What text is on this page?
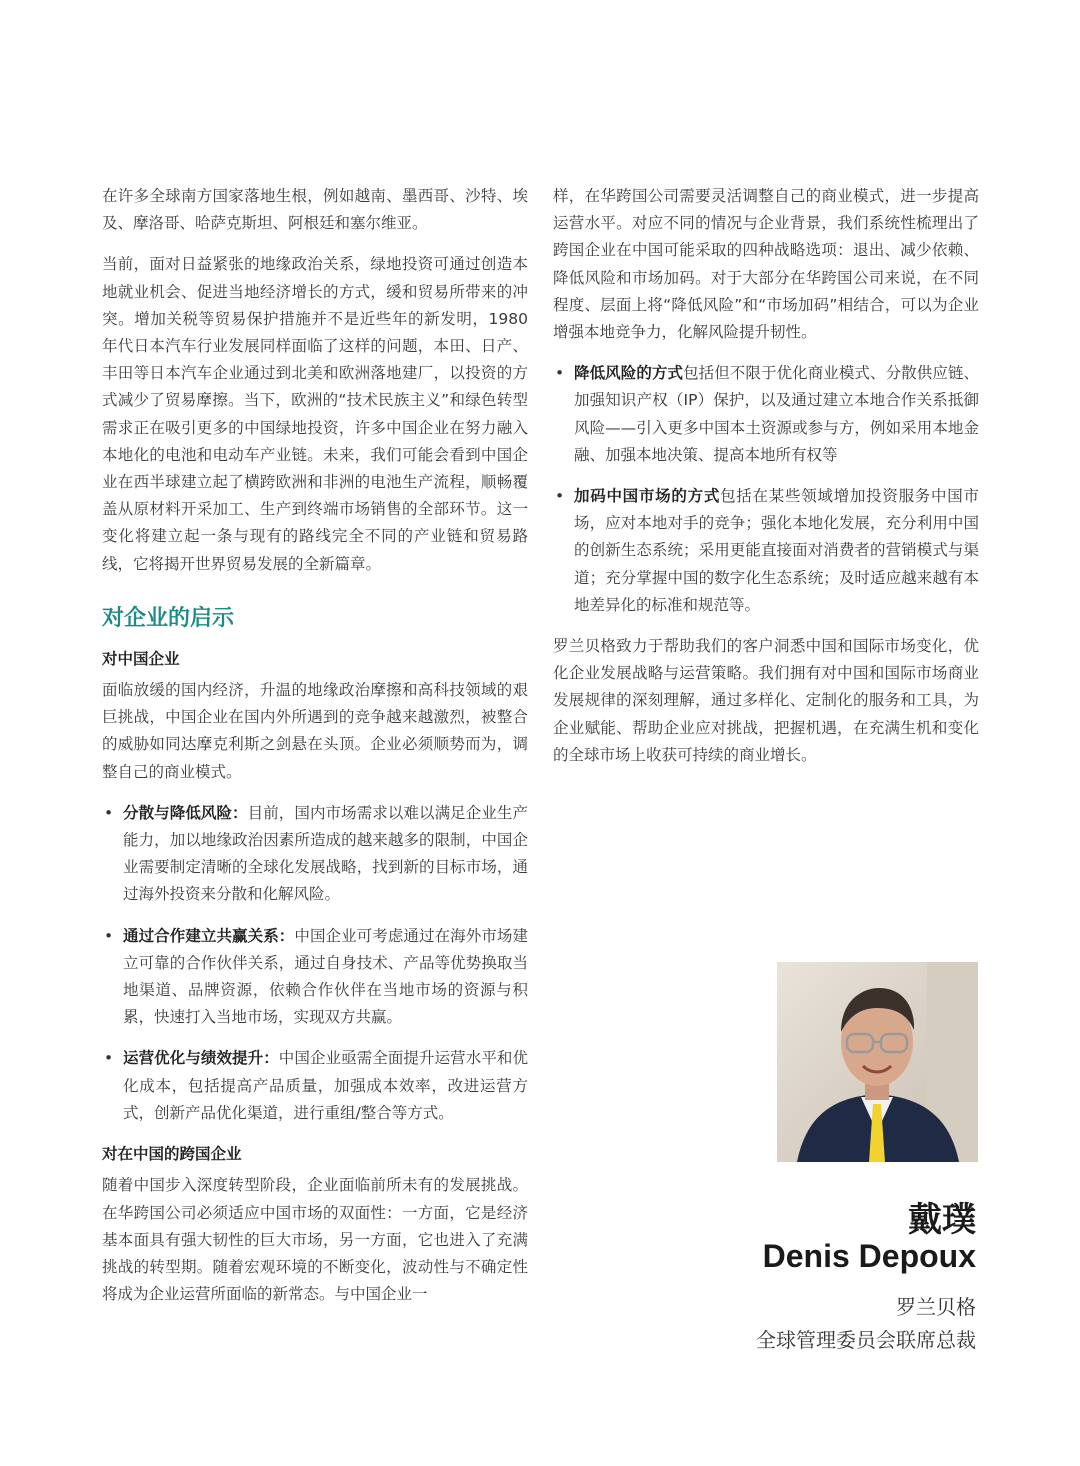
在许多全球南方国家落地生根，例如越南、墨西哥、沙特、埃及、摩洛哥、哈萨克斯坦、阿根廷和塞尔维亚。

当前，面对日益紧张的地缘政治关系，绿地投资可通过创造本地就业机会、促进当地经济增长的方式，缓和贸易所带来的冲突。增加关税等贸易保护措施并不是近些年的新发明，1980年代日本汽车行业发展同样面临了这样的问题，本田、日产、丰田等日本汽车企业通过到北美和欧洲落地建厂，以投资的方式减少了贸易摩擦。当下，欧洲的“技术民族主义”和绿色转型需求正在吸引更多的中国绿地投资，许多中国企业在努力融入本地化的电池和电动车产业链。未来，我们可能会看到中国企业在西半球建立起了横跨欧洲和非洲的电池生产流程，顺畅覆盖从原材料开采加工、生产到终端市场销售的全部环节。这一变化将建立起一条与现有的路线完全不同的产业链和贸易路线，它将揭开世界贸易发展的全新篇章。

对企业的启示
对中国企业

面临放缓的国内经济，升温的地缘政治摩擦和高科技领域的艰巨挑战，中国企业在国内外所遇到的竞争越来越激烈，被整合的威胁如同达摩克利斯之剑悬在头顶。企业必须顺势而为，调整自己的商业模式。

• 分散与降低风险：目前，国内市场需求以难以满足企业生产能力，加以地缘政治因素所造成的越来越多的限制，中国企业需要制定清晰的全球化发展战略，找到新的目标市场，通过海外投资来分散和化解风险。
• 通过合作建立共赢关系：中国企业可考虑通过在海外市场建立可靠的合作伙伴关系，通过自身技术、产品等优势换取当地渠道、品牌资源，依赖合作伙伴在当地市场的资源与积累，快速打入当地市场，实现双方共赢。
• 运营优化与绩效提升：中国企业亟需全面提升运营水平和优化成本，包括提高产品质量，加强成本效率，改进运营方式，创新产品优化渠道，进行重组/整合等方式。
对在中国的跨国企业

随着中国步入深度转型阶段，企业面临前所未有的发展挑战。在华跨国公司必须适应中国市场的双面性：一方面，它是经济基本面具有强大韧性的巨大市场，另一方面，它也进入了充满挑战的转型期。随着宏观环境的不断变化，波动性与不确定性将成为企业运营所面临的新常态。与中国企业一

样，在华跨国公司需要灵活调整自己的商业模式，进一步提高运营水平。对应不同的情况与企业背景，我们系统性梳理出了跨国企业在中国可能采取的四种战略选项：退出、减少依赖、降低风险和市场加码。对于大部分在华跨国公司来说，在不同程度、层面上将“降低风险”和“市场加码”相结合，可以为企业增强本地竞争力，化解风险提升韧性。

• 降低风险的方式包括但不限于优化商业模式、分散供应链、加强知识产权（IP）保护，以及通过建立本地合作关系抵御风险——引入更多中国本土资源或参与方，例如采用本地金融、加强本地决策、提高本地所有权等
• 加码中国市场的方式包括在某些领域增加投资服务中国市场，应对本地对手的竞争；强化本地化发展，充分利用中国的创新生态系统；采用更能直接面对消费者的营销模式与渠道；充分掌握中国的数字化生态系统；及时适应越来越有本地差异化的标准和规范等。

罗兰贝格致力于帮助我们的客户洞悉中国和国际市场变化，优化企业发展战略与运营策略。我们拥有对中国和国际市场商业发展规律的深刻理解，通过多样化、定制化的服务和工具，为企业赋能、帮助企业应对挑战，把握机遇，在充满生机和变化的全球市场上收获可持续的商业增长。

戴璞
Denis Depoux
罗兰贝格
全球管理委员会联席总裁
